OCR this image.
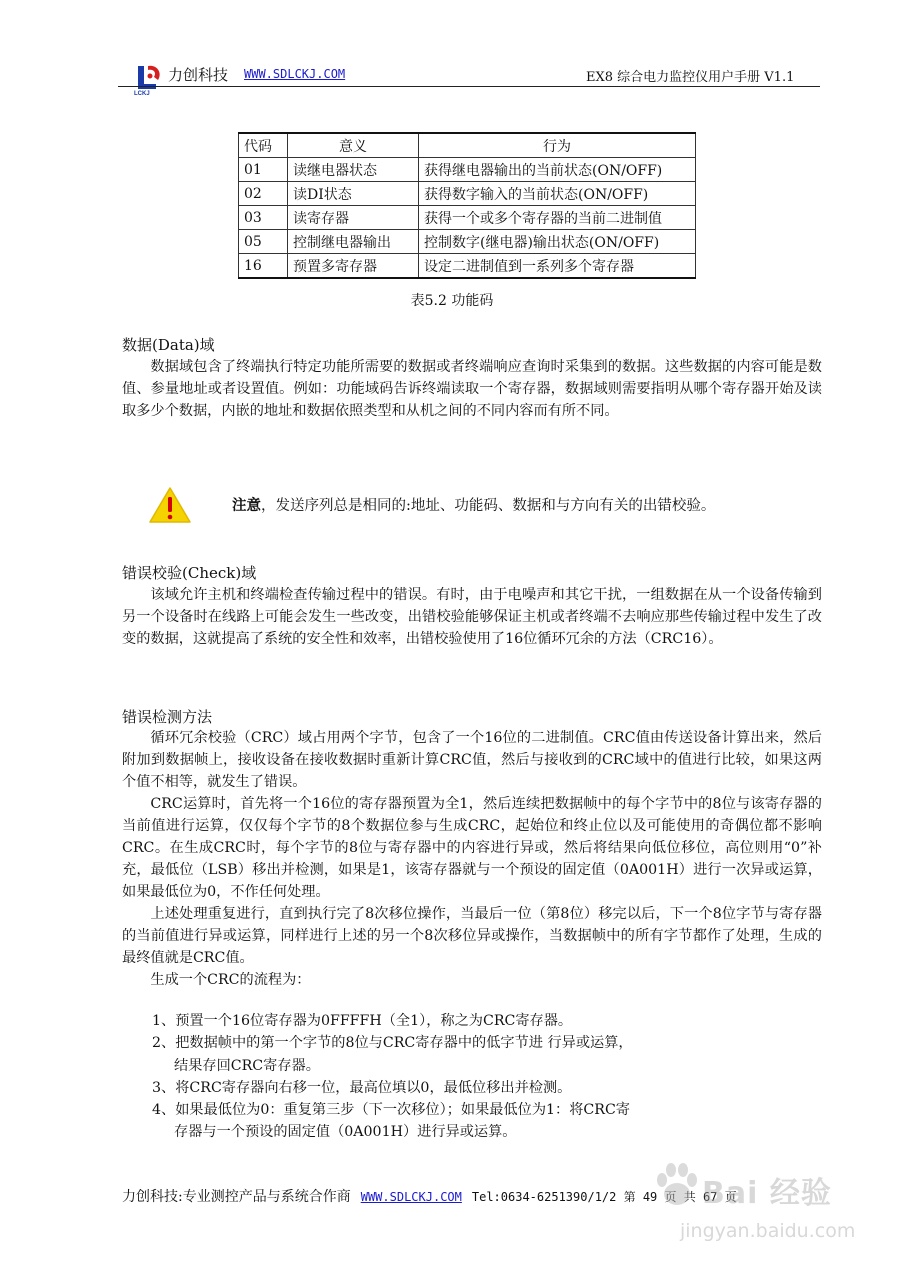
LCKJ
力创科技 WWW.SDLCKJ.COM	EX8 综合电力监控仪用户手册 V1.1
代码	意义	行为
01	读继电器状态	获得继电器输出的当前状态(ON/OFF)
02	读DI状态	获得数字输入的当前状态(ON/OFF)
03	读寄存器	获得一个或多个寄存器的当前二进制值
05	控制继电器输出	控制数字(继电器)输出状态(ON/OFF)
16	预置多寄存器	设定二进制值到一系列多个寄存器
表5.2 功能码
数据(Data)域

数据域包含了终端执行特定功能所需要的数据或者终端响应查询时采集到的数据。这些数据的内容可能是数值、参量地址或者设置值。例如：功能域码告诉终端读取一个寄存器，数据域则需要指明从哪个寄存器开始及读取多少个数据，内嵌的地址和数据依照类型和从机之间的不同内容而有所不同。

注意，发送序列总是相同的:地址、功能码、数据和与方向有关的出错校验。
错误校验(Check)域

该域允许主机和终端检查传输过程中的错误。有时，由于电噪声和其它干扰，一组数据在从一个设备传输到另一个设备时在线路上可能会发生一些改变，出错校验能够保证主机或者终端不去响应那些传输过程中发生了改变的数据，这就提高了系统的安全性和效率，出错校验使用了16位循环冗余的方法（CRC16）。

错误检测方法

循环冗余校验（CRC）域占用两个字节，包含了一个16位的二进制值。CRC值由传送设备计算出来，然后附加到数据帧上，接收设备在接收数据时重新计算CRC值，然后与接收到的CRC域中的值进行比较，如果这两个值不相等，就发生了错误。

CRC运算时，首先将一个16位的寄存器预置为全1，然后连续把数据帧中的每个字节中的8位与该寄存器的当前值进行运算，仅仅每个字节的8个数据位参与生成CRC，起始位和终止位以及可能使用的奇偶位都不影响CRC。在生成CRC时，每个字节的8位与寄存器中的内容进行异或，然后将结果向低位移位，高位则用“0”补充，最低位（LSB）移出并检测，如果是1，该寄存器就与一个预设的固定值（0A001H）进行一次异或运算，如果最低位为0，不作任何处理。

上述处理重复进行，直到执行完了8次移位操作，当最后一位（第8位）移完以后，下一个8位字节与寄存器的当前值进行异或运算，同样进行上述的另一个8次移位异或操作，当数据帧中的所有字节都作了处理，生成的最终值就是CRC值。

生成一个CRC的流程为：

1、预置一个16位寄存器为0FFFFH（全1），称之为CRC寄存器。
2、把数据帧中的第一个字节的8位与CRC寄存器中的低字节进 行异或运算，
结果存回CRC寄存器。
3、将CRC寄存器向右移一位，最高位填以0，最低位移出并检测。
4、如果最低位为0：重复第三步（下一次移位）；如果最低位为1：将CRC寄
存器与一个预设的固定值（0A001H）进行异或运算。
力创科技:专业测控产品与系统合作商 WWW.SDLCKJ.COM Tel:0634-6251390/1/2 第 49 页 共 67 页
Bai 经验
jingyan.baidu.com
